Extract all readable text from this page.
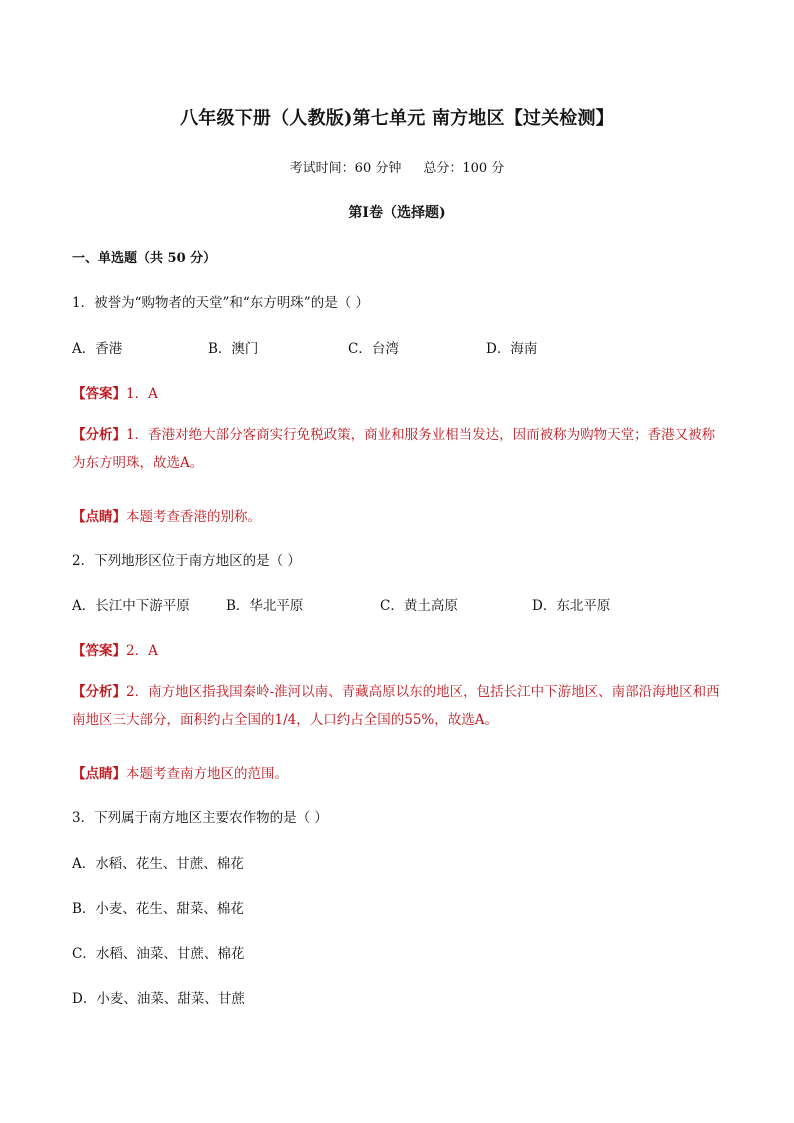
八年级下册（人教版)第七单元 南方地区【过关检测】
考试时间：60 分钟 总分：100 分
第Ⅰ卷（选择题)
一、单选题（共 50 分）
1．被誉为“购物者的天堂”和“东方明珠”的是（ ）
A．香港	B．澳门	C．台湾	D．海南
【答案】1．A
【分析】1．香港对绝大部分客商实行免税政策，商业和服务业相当发达，因而被称为购物天堂；香港又被称为东方明珠，故选A。
【点睛】本题考查香港的别称。
2．下列地形区位于南方地区的是（ ）
A．长江中下游平原	B．华北平原	C．黄土高原	D．东北平原
【答案】2．A
【分析】2．南方地区指我国秦岭-淮河以南、青藏高原以东的地区，包括长江中下游地区、南部沿海地区和西南地区三大部分，面积约占全国的1/4，人口约占全国的55%，故选A。
【点睛】本题考查南方地区的范围。
3．下列属于南方地区主要农作物的是（ ）
A．水稻、花生、甘蔗、棉花
B．小麦、花生、甜菜、棉花
C．水稻、油菜、甘蔗、棉花
D．小麦、油菜、甜菜、甘蔗
